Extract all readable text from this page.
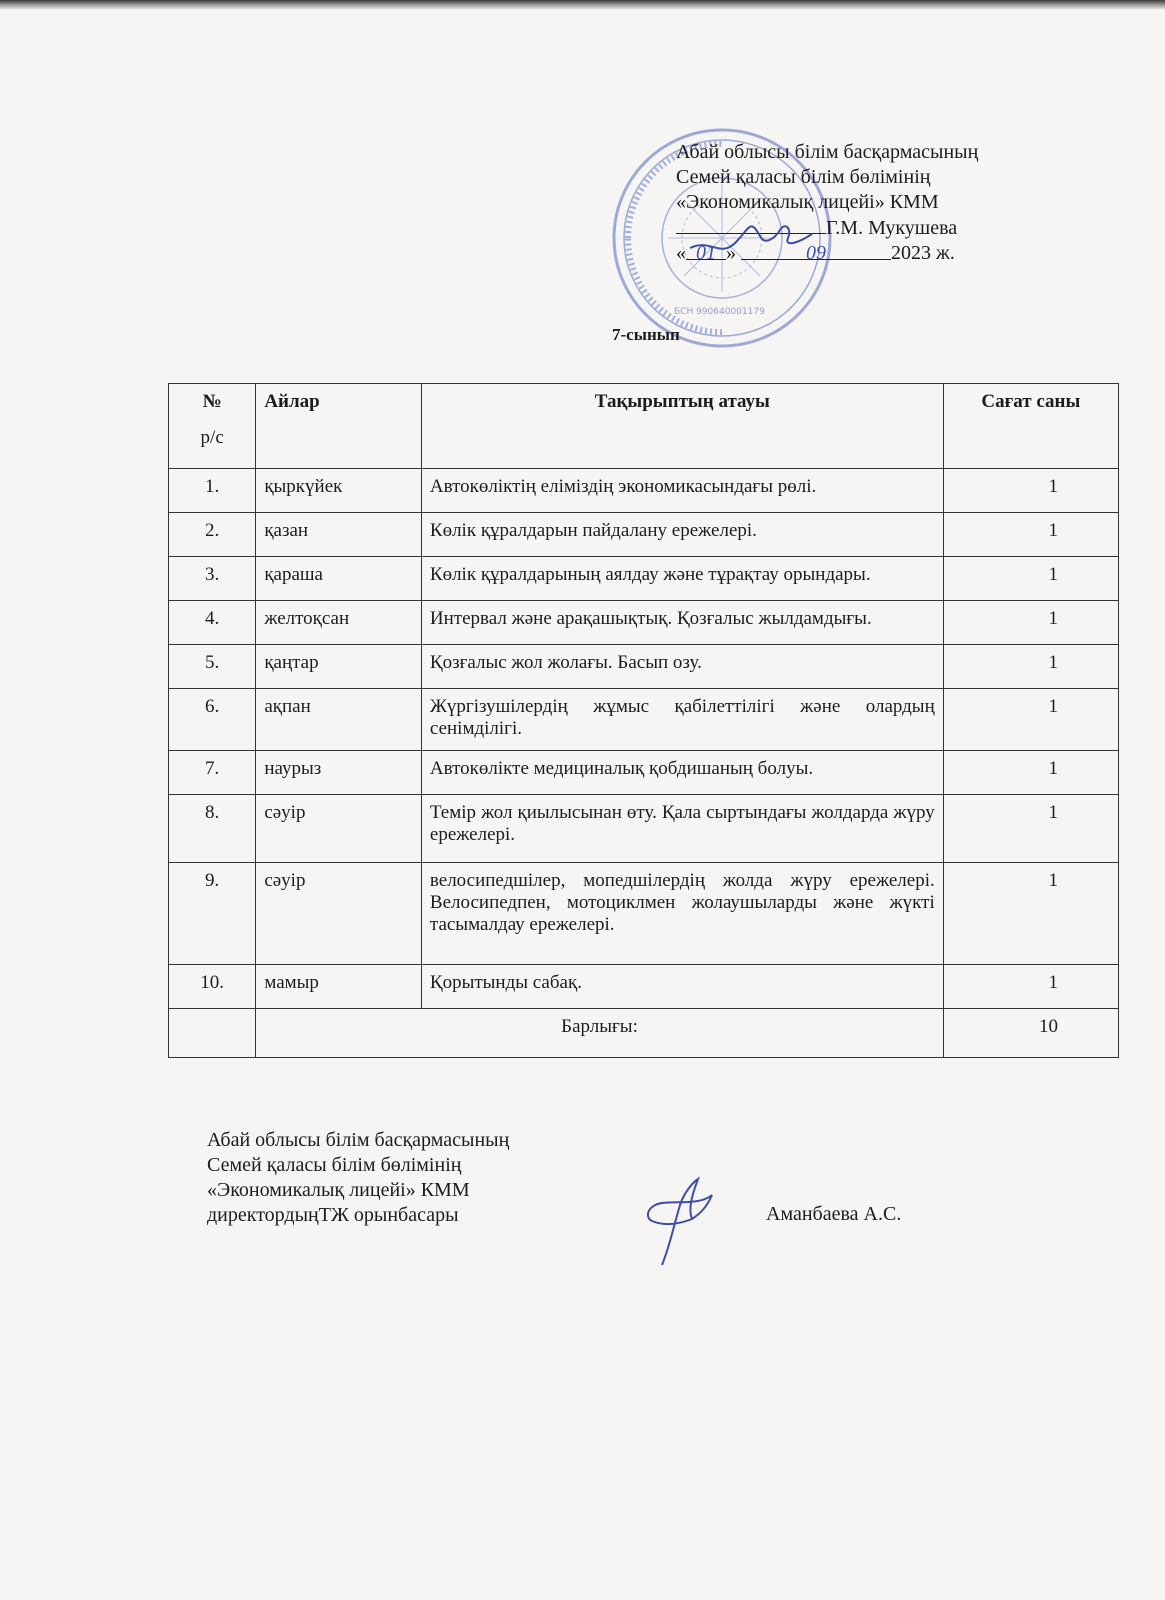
БСН 990640001179
Абай облысы білім басқармасының
Семей қаласы білім бөлімінің
«Экономикалық лицейі» КММ
Г.М. Мукушева
« 01 »	09	2023 ж.
7-сынып
№
р/с	Айлар	Тақырыптың атауы	Сағат саны
1.	қыркүйек	Автокөліктің еліміздің экономикасындағы рөлі.	1
2.	қазан	Көлік құралдарын пайдалану ережелері.	1
3.	қараша	Көлік құралдарының аялдау және тұрақтау орындары.	1
4.	желтоқсан	Интервал және арақашықтық. Қозғалыс жылдамдығы.	1
5.	қаңтар	Қозғалыс жол жолағы. Басып озу.	1
6.	ақпан	Жүргізушілердің жұмыс қабілеттілігі және олардың сенімділігі.	1
7.	наурыз	Автокөлікте медициналық қобдишаның болуы.	1
8.	сәуір	Темір жол қиылысынан өту. Қала сыртындағы жолдарда жүру ережелері.	1
9.	сәуір	велосипедшілер, мопедшілердің жолда жүру ережелері. Велосипедпен, мотоциклмен жолаушыларды және жүкті тасымалдау ережелері.	1
10.	мамыр	Қорытынды сабақ.	1
	Барлығы:		10
Абай облысы білім басқармасының
Семей қаласы білім бөлімінің
«Экономикалық лицейі» КММ
директордыңТЖ орынбасары	Аманбаева А.С.
